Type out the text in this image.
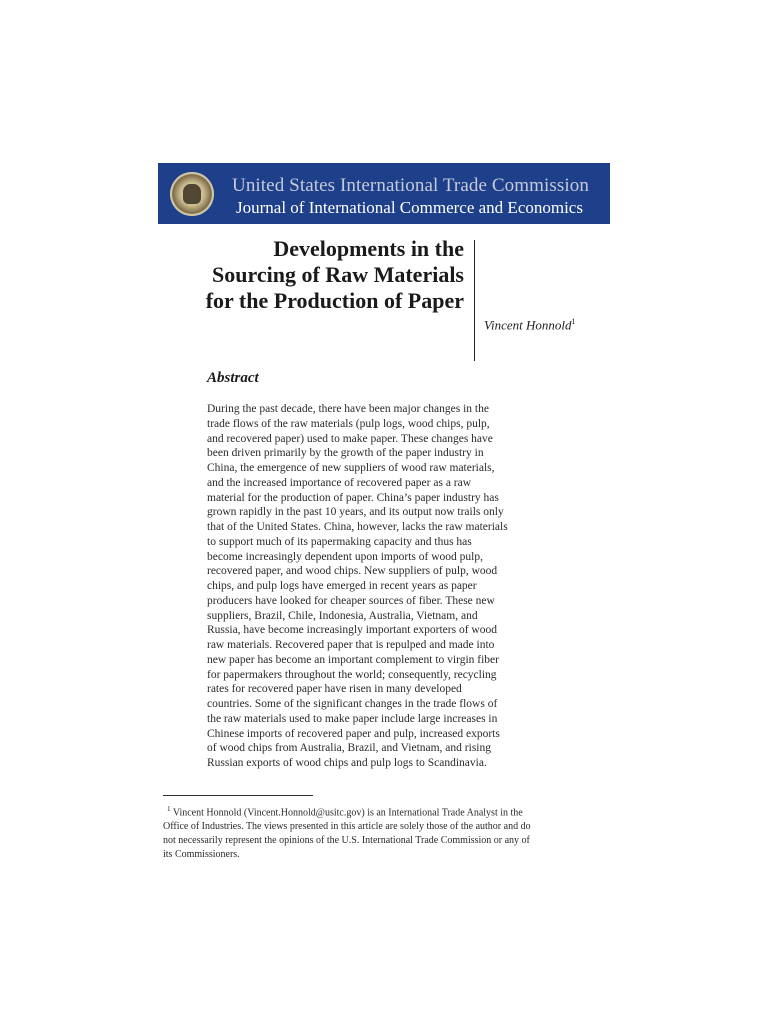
United States International Trade Commission
Journal of International Commerce and Economics
Developments in the
Sourcing of Raw Materials
for the Production of Paper
Vincent Honnold$^1$
Abstract
During the past decade, there have been major changes in the
trade flows of the raw materials (pulp logs, wood chips, pulp,
and recovered paper) used to make paper. These changes have
been driven primarily by the growth of the paper industry in
China, the emergence of new suppliers of wood raw materials,
and the increased importance of recovered paper as a raw
material for the production of paper. China’s paper industry has
grown rapidly in the past 10 years, and its output now trails only
that of the United States. China, however, lacks the raw materials
to support much of its papermaking capacity and thus has
become increasingly dependent upon imports of wood pulp,
recovered paper, and wood chips. New suppliers of pulp, wood
chips, and pulp logs have emerged in recent years as paper
producers have looked for cheaper sources of fiber. These new
suppliers, Brazil, Chile, Indonesia, Australia, Vietnam, and
Russia, have become increasingly important exporters of wood
raw materials. Recovered paper that is repulped and made into
new paper has become an important complement to virgin fiber
for papermakers throughout the world; consequently, recycling
rates for recovered paper have risen in many developed
countries. Some of the significant changes in the trade flows of
the raw materials used to make paper include large increases in
Chinese imports of recovered paper and pulp, increased exports
of wood chips from Australia, Brazil, and Vietnam, and rising
Russian exports of wood chips and pulp logs to Scandinavia.
$^1$ Vincent Honnold (Vincent.Honnold@usitc.gov) is an International Trade Analyst in the
Office of Industries. The views presented in this article are solely those of the author and do
not necessarily represent the opinions of the U.S. International Trade Commission or any of
its Commissioners.
